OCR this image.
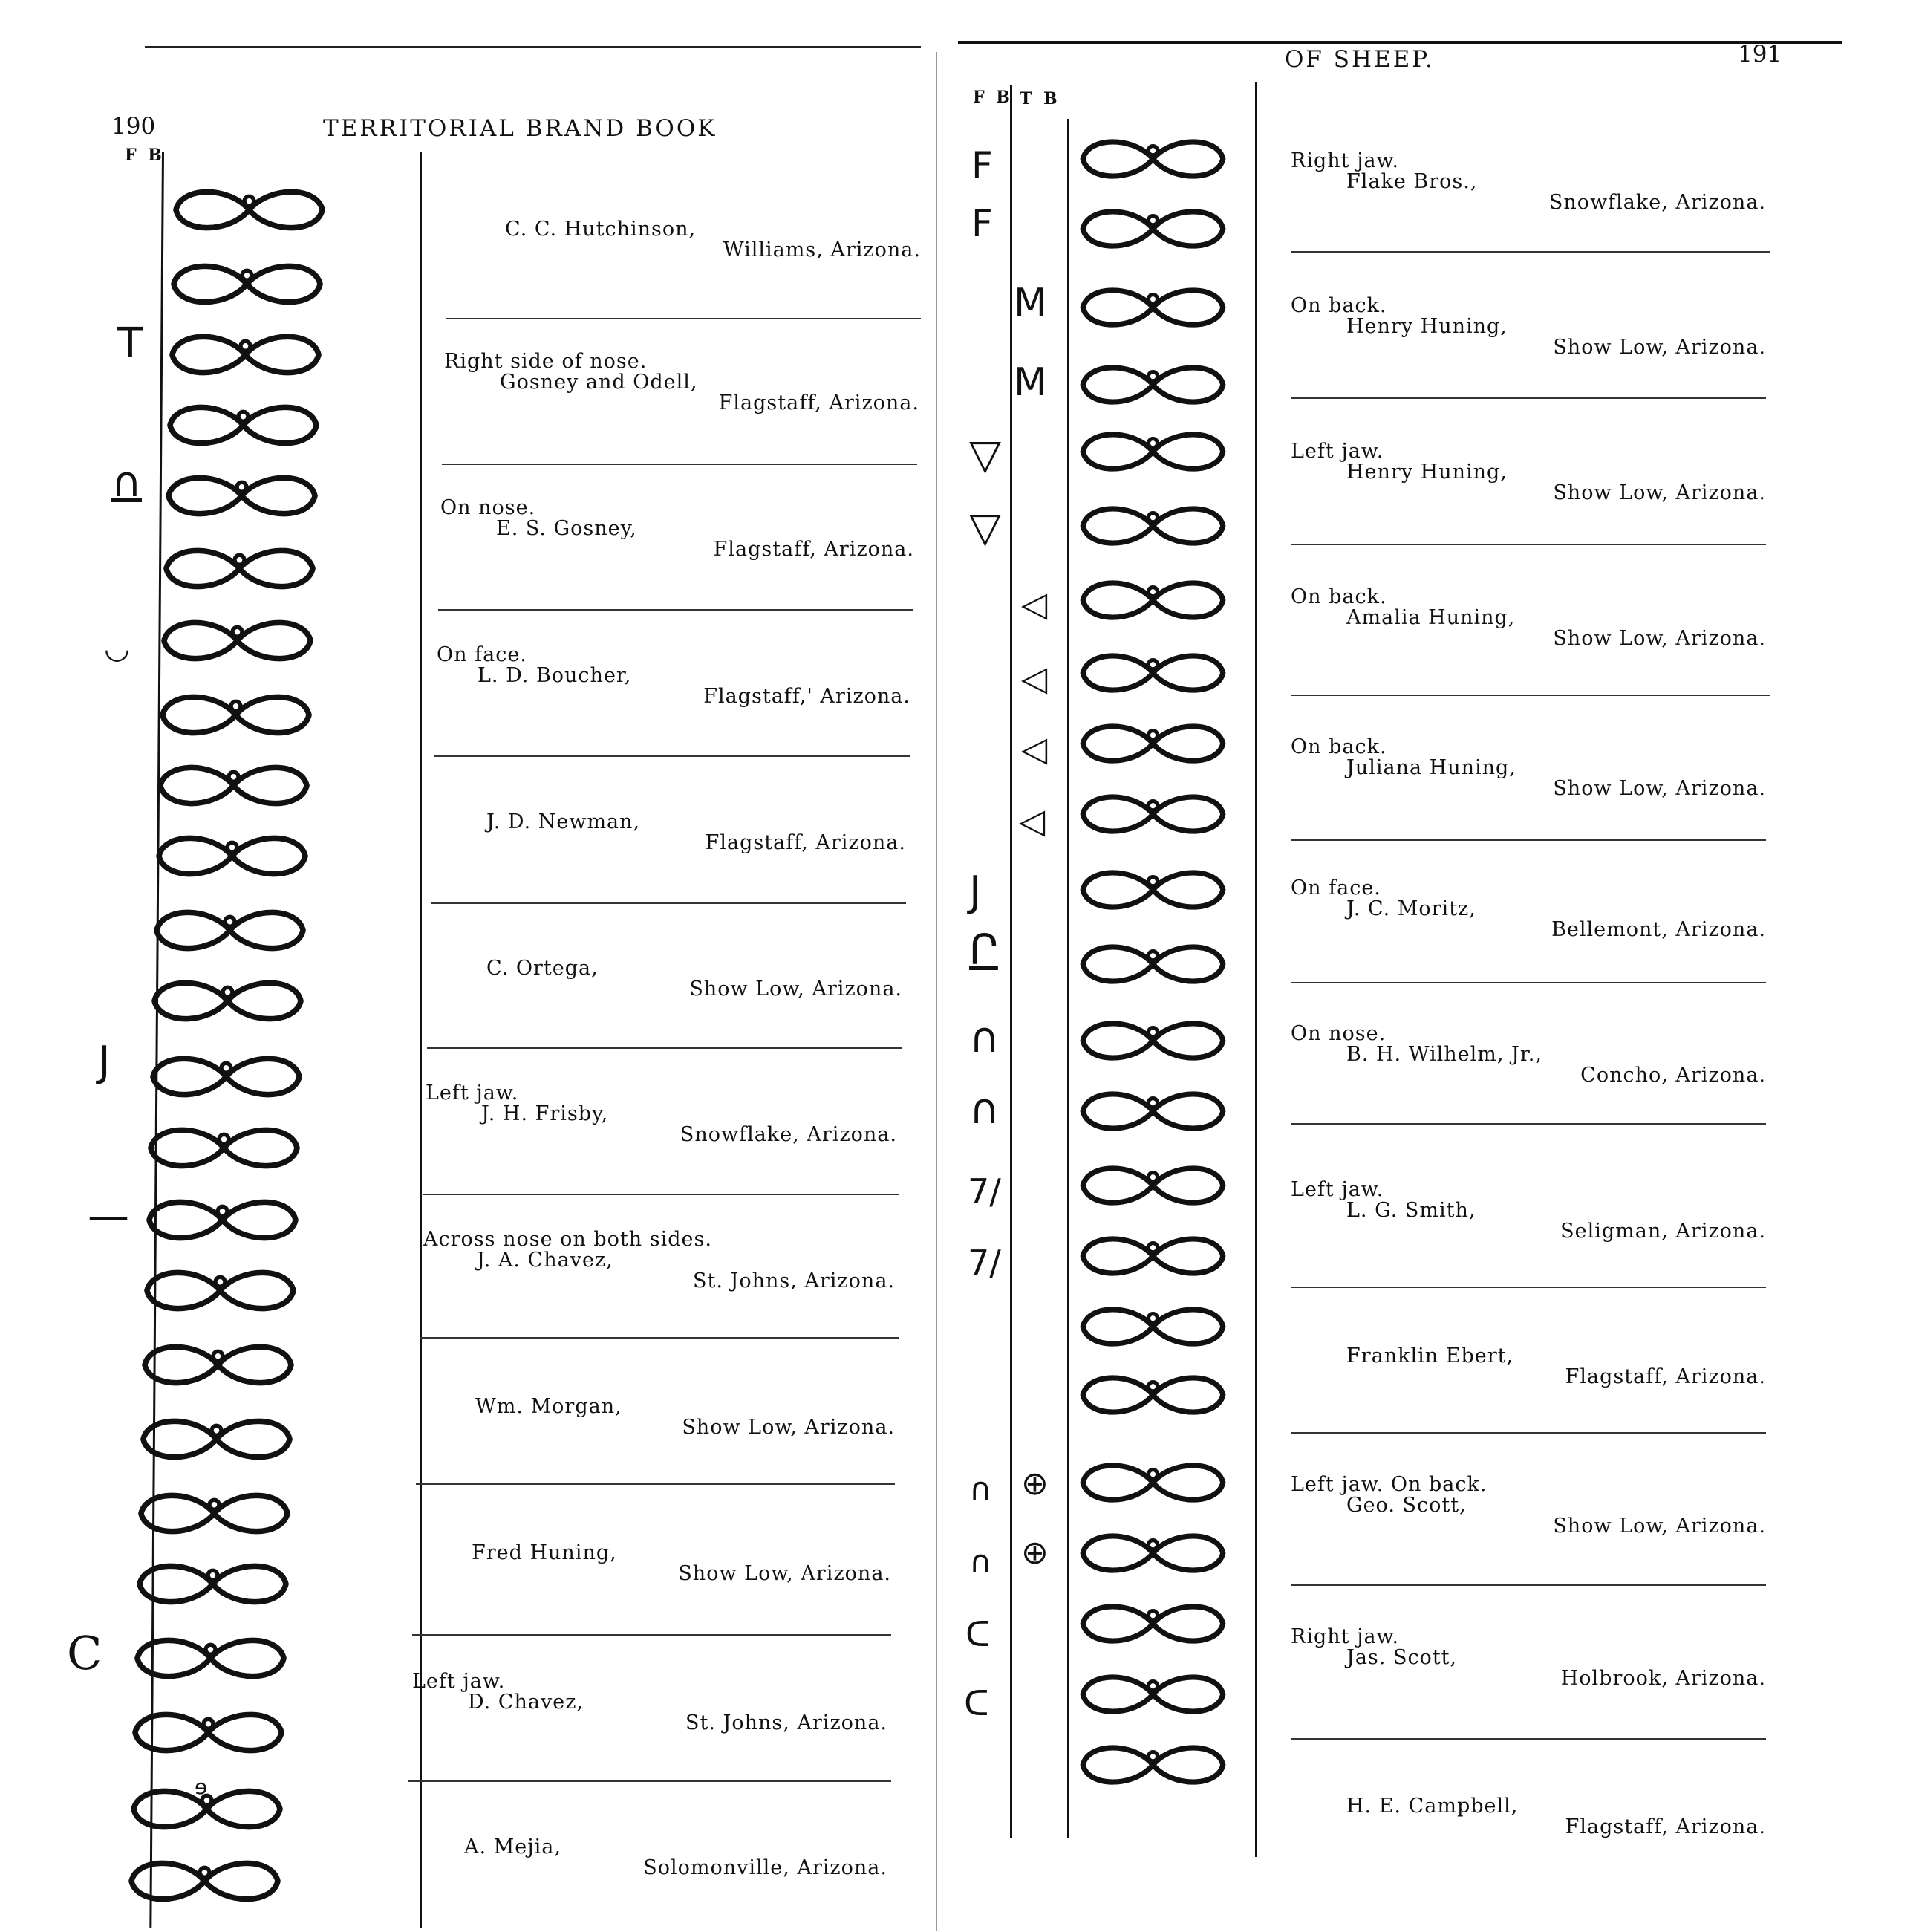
190	TERRITORIAL BRAND BOOK
F B
T
∩
◡
J
—
C
ɘ
C. C. Hutchinson,
Williams, Arizona.
Right side of nose.
Gosney and Odell,
Flagstaff, Arizona.
On nose.
E. S. Gosney,
Flagstaff, Arizona.
On face.
L. D. Boucher,
Flagstaff,' Arizona.
J. D. Newman,
Flagstaff, Arizona.
C. Ortega,
Show Low, Arizona.
Left jaw.
J. H. Frisby,
Snowflake, Arizona.
Across nose on both sides.
J. A. Chavez,
St. Johns, Arizona.
Wm. Morgan,
Show Low, Arizona.
Fred Huning,
Show Low, Arizona.
Left jaw.
D. Chavez,
St. Johns, Arizona.
A. Mejia,
Solomonville, Arizona.
191
OF SHEEP.
F B T B
F
F
▽
▽
J
Ր
∩
∩
7/
7/
∩
∩
ᑕ
ᑕ
M
M
◁
◁
◁
◁
⊕
⊕
Right jaw.
Flake Bros.,
Snowflake, Arizona.
On back.
Henry Huning,
Show Low, Arizona.
Left jaw.
Henry Huning,
Show Low, Arizona.
On back.
Amalia Huning,
Show Low, Arizona.
On back.
Juliana Huning,
Show Low, Arizona.
On face.
J. C. Moritz,
Bellemont, Arizona.
On nose.
B. H. Wilhelm, Jr.,
Concho, Arizona.
Left jaw.
L. G. Smith,
Seligman, Arizona.
Franklin Ebert,
Flagstaff, Arizona.
Left jaw. On back.
Geo. Scott,
Show Low, Arizona.
Right jaw.
Jas. Scott,
Holbrook, Arizona.
H. E. Campbell,
Flagstaff, Arizona.
